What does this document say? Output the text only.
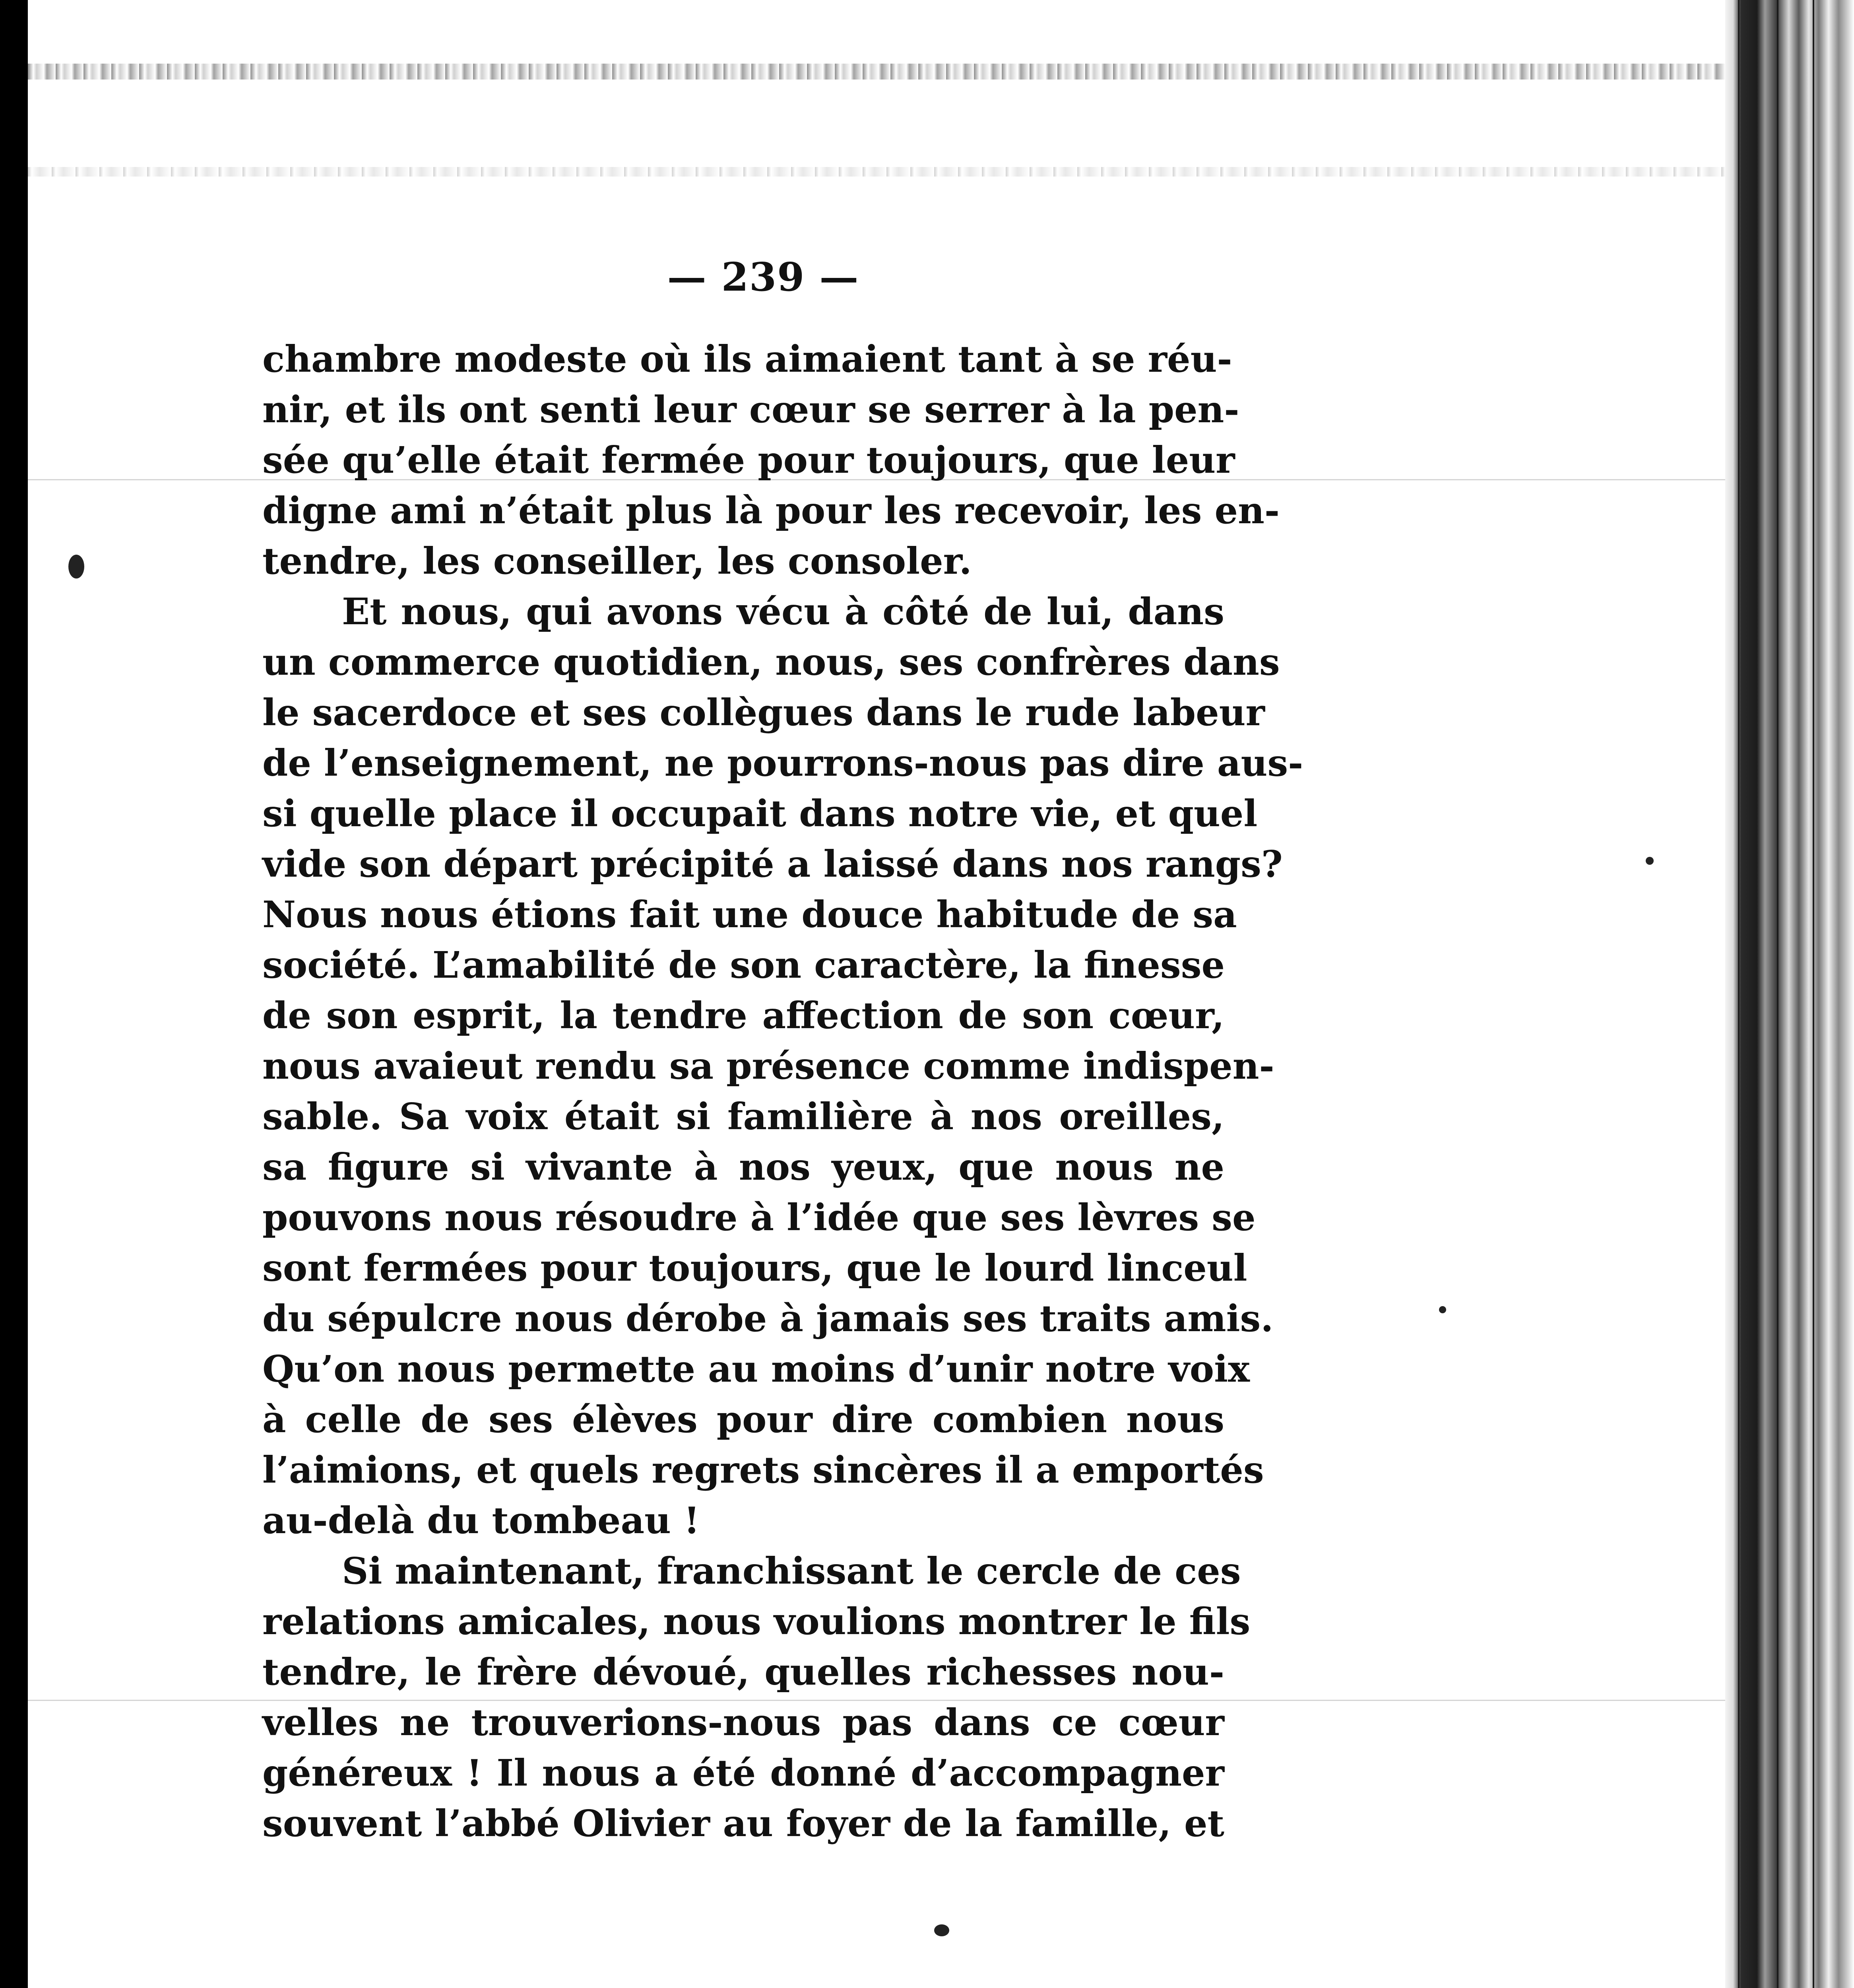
— 239 —
chambre modeste où ils aimaient tant à se réu-
nir, et ils ont senti leur cœur se serrer à la pen-
sée qu’elle était fermée pour toujours, que leur
digne ami n’était plus là pour les recevoir, les en-
tendre, les conseiller, les consoler.
Et nous, qui avons vécu à côté de lui, dans
un commerce quotidien, nous, ses confrères dans
le sacerdoce et ses collègues dans le rude labeur
de l’enseignement, ne pourrons-nous pas dire aus-
si quelle place il occupait dans notre vie, et quel
vide son départ précipité a laissé dans nos rangs?
Nous nous étions fait une douce habitude de sa
société. L’amabilité de son caractère, la finesse
de son esprit, la tendre affection de son cœur,
nous avaieut rendu sa présence comme indispen-
sable. Sa voix était si familière à nos oreilles,
sa figure si vivante à nos yeux, que nous ne
pouvons nous résoudre à l’idée que ses lèvres se
sont fermées pour toujours, que le lourd linceul
du sépulcre nous dérobe à jamais ses traits amis.
Qu’on nous permette au moins d’unir notre voix
à celle de ses élèves pour dire combien nous
l’aimions, et quels regrets sincères il a emportés
au-delà du tombeau !
Si maintenant, franchissant le cercle de ces
relations amicales, nous voulions montrer le fils
tendre, le frère dévoué, quelles richesses nou-
velles ne trouverions-nous pas dans ce cœur
généreux ! Il nous a été donné d’accompagner
souvent l’abbé Olivier au foyer de la famille, et
